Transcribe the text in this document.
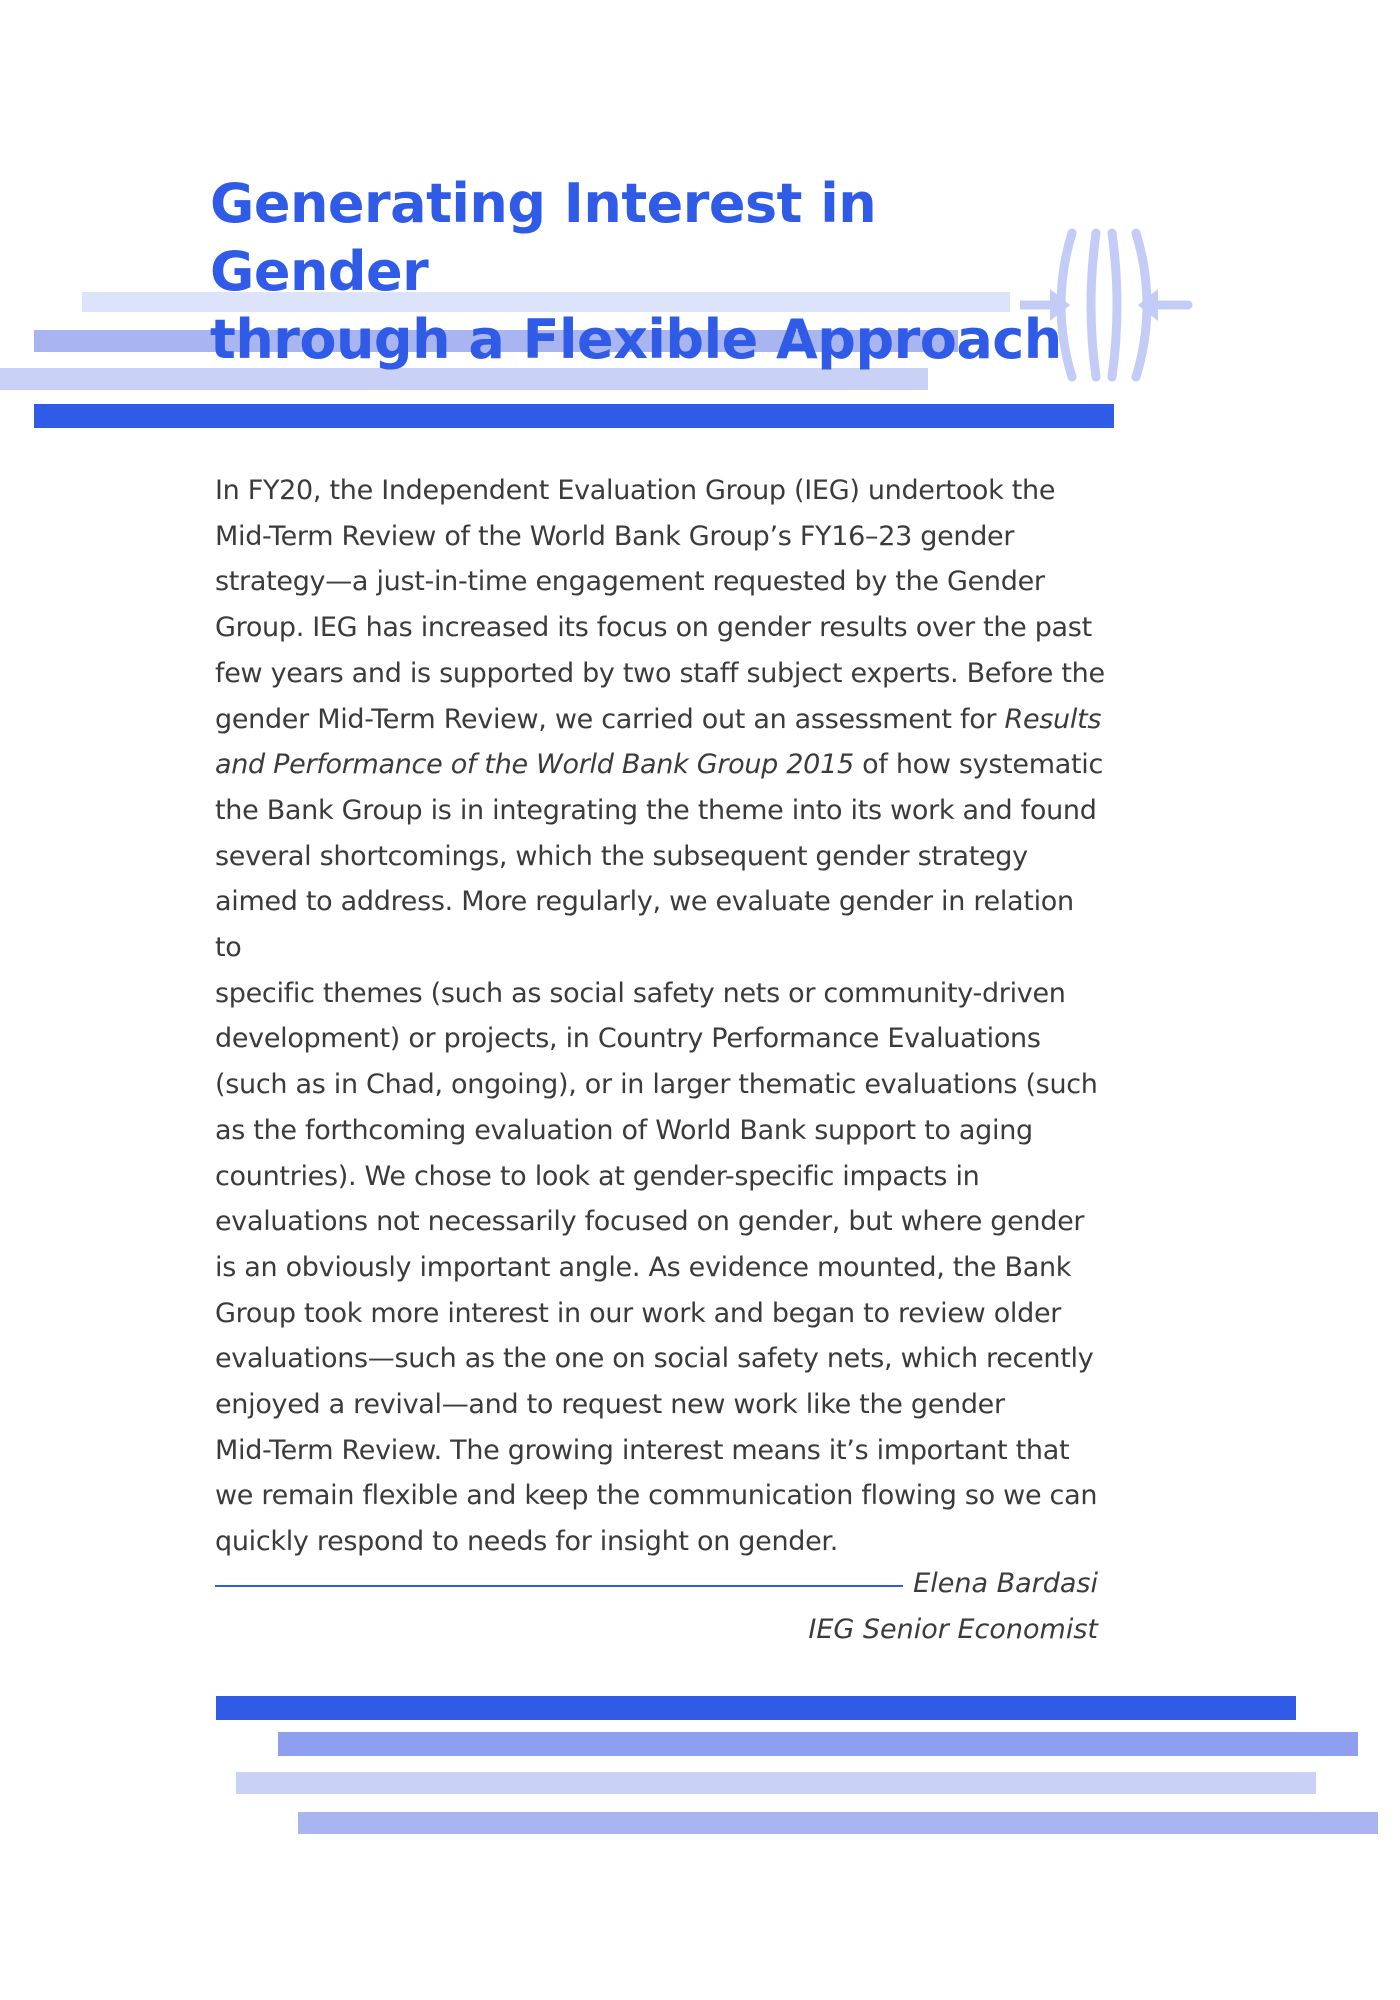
Generating Interest in Gender
through a Flexible Approach

In FY20, the Independent Evaluation Group (IEG) undertook the
Mid-Term Review of the World Bank Group’s FY16–23 gender
strategy—a just-in-time engagement requested by the Gender
Group. IEG has increased its focus on gender results over the past
few years and is supported by two staff subject experts. Before the
gender Mid-Term Review, we carried out an assessment for Results
and Performance of the World Bank Group 2015 of how systematic
the Bank Group is in integrating the theme into its work and found
several shortcomings, which the subsequent gender strategy
aimed to address. More regularly, we evaluate gender in relation to
specific themes (such as social safety nets or community-driven
development) or projects, in Country Performance Evaluations
(such as in Chad, ongoing), or in larger thematic evaluations (such
as the forthcoming evaluation of World Bank support to aging
countries). We chose to look at gender-specific impacts in
evaluations not necessarily focused on gender, but where gender
is an obviously important angle. As evidence mounted, the Bank
Group took more interest in our work and began to review older
evaluations—such as the one on social safety nets, which recently
enjoyed a revival—and to request new work like the gender
Mid-Term Review. The growing interest means it’s important that
we remain flexible and keep the communication flowing so we can
quickly respond to needs for insight on gender.

Elena Bardasi
IEG Senior Economist
